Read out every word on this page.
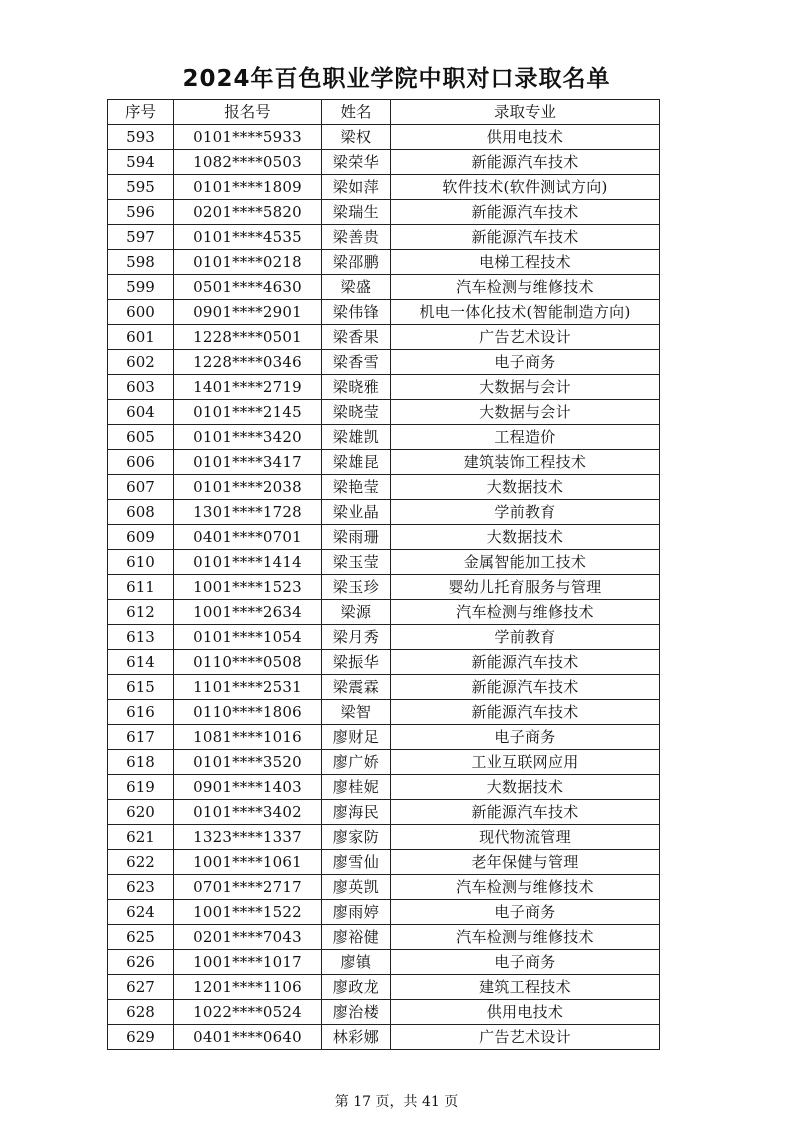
2024年百色职业学院中职对口录取名单
序号	报名号	姓名	录取专业
593	0101****5933	梁权	供用电技术
594	1082****0503	梁荣华	新能源汽车技术
595	0101****1809	梁如萍	软件技术(软件测试方向)
596	0201****5820	梁瑞生	新能源汽车技术
597	0101****4535	梁善贵	新能源汽车技术
598	0101****0218	梁邵鹏	电梯工程技术
599	0501****4630	梁盛	汽车检测与维修技术
600	0901****2901	梁伟锋	机电一体化技术(智能制造方向)
601	1228****0501	梁香果	广告艺术设计
602	1228****0346	梁香雪	电子商务
603	1401****2719	梁晓雅	大数据与会计
604	0101****2145	梁晓莹	大数据与会计
605	0101****3420	梁雄凯	工程造价
606	0101****3417	梁雄昆	建筑装饰工程技术
607	0101****2038	梁艳莹	大数据技术
608	1301****1728	梁业晶	学前教育
609	0401****0701	梁雨珊	大数据技术
610	0101****1414	梁玉莹	金属智能加工技术
611	1001****1523	梁玉珍	婴幼儿托育服务与管理
612	1001****2634	梁源	汽车检测与维修技术
613	0101****1054	梁月秀	学前教育
614	0110****0508	梁振华	新能源汽车技术
615	1101****2531	梁震霖	新能源汽车技术
616	0110****1806	梁智	新能源汽车技术
617	1081****1016	廖财足	电子商务
618	0101****3520	廖广娇	工业互联网应用
619	0901****1403	廖桂妮	大数据技术
620	0101****3402	廖海民	新能源汽车技术
621	1323****1337	廖家防	现代物流管理
622	1001****1061	廖雪仙	老年保健与管理
623	0701****2717	廖英凯	汽车检测与维修技术
624	1001****1522	廖雨婷	电子商务
625	0201****7043	廖裕健	汽车检测与维修技术
626	1001****1017	廖镇	电子商务
627	1201****1106	廖政龙	建筑工程技术
628	1022****0524	廖治楼	供用电技术
629	0401****0640	林彩娜	广告艺术设计
第 17 页，共 41 页
